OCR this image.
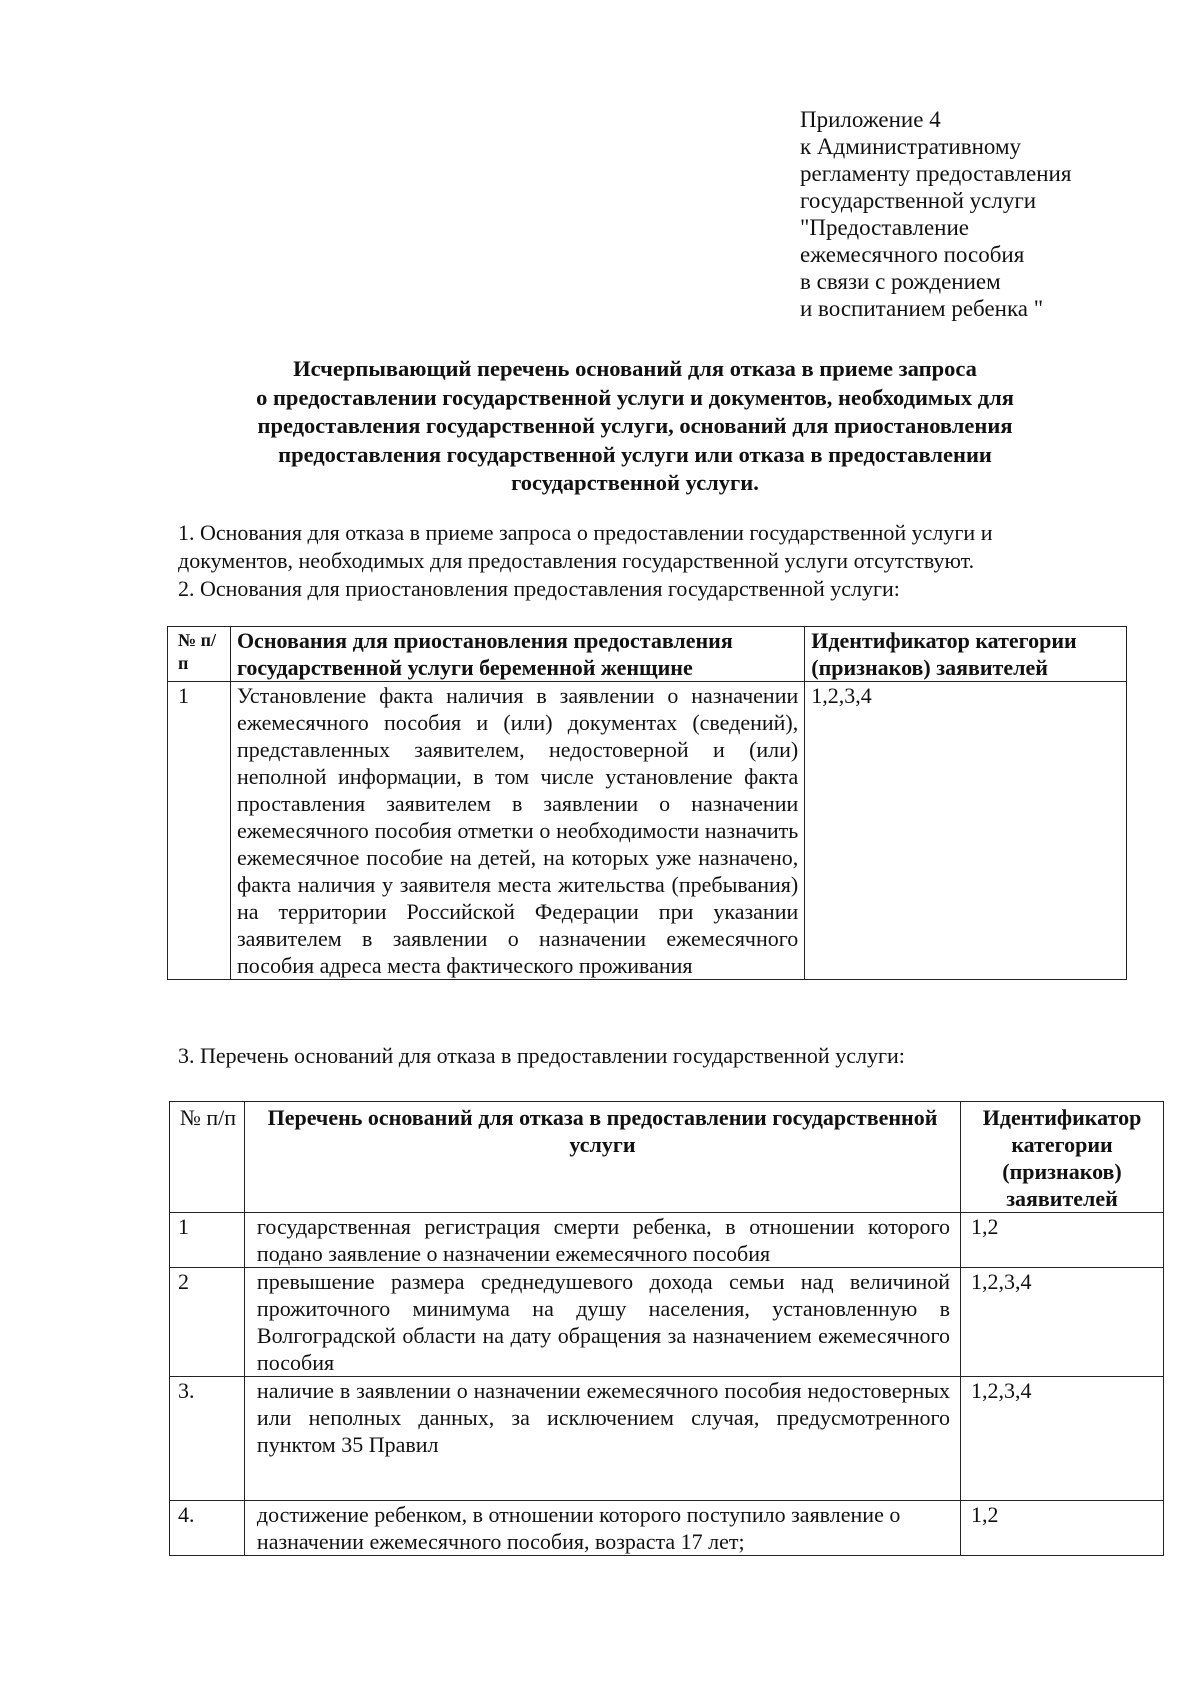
Приложение 4
к Административному
регламенту предоставления
государственной услуги
"Предоставление
ежемесячного пособия
в связи с рождением
и воспитанием ребенка "
Исчерпывающий перечень оснований для отказа в приеме запроса
о предоставлении государственной услуги и документов, необходимых для
предоставления государственной услуги, оснований для приостановления
предоставления государственной услуги или отказа в предоставлении
государственной услуги.
1. Основания для отказа в приеме запроса о предоставлении государственной услуги и
документов, необходимых для предоставления государственной услуги отсутствуют.
2. Основания для приостановления предоставления государственной услуги:
№ п/п	Основания для приостановления предоставления государственной услуги беременной женщине	Идентификатор категории (признаков) заявителей
1	Установление факта наличия в заявлении о назначении ежемесячного пособия и (или) документах (сведений), представленных заявителем, недостоверной и (или) неполной информации, в том числе установление факта проставления заявителем в заявлении о назначении ежемесячного пособия отметки о необходимости назначить ежемесячное пособие на детей, на которых уже назначено, факта наличия у заявителя места жительства (пребывания) на территории Российской Федерации при указании заявителем в заявлении о назначении ежемесячного пособия адреса места фактического проживания	1,2,3,4
3. Перечень оснований для отказа в предоставлении государственной услуги:
№ п/п	Перечень оснований для отказа в предоставлении государственной услуги	Идентификатор категории (признаков) заявителей
1	государственная регистрация смерти ребенка, в отношении которого подано заявление о назначении ежемесячного пособия	1,2
2	превышение размера среднедушевого дохода семьи над величиной прожиточного минимума на душу населения, установленную в Волгоградской области на дату обращения за назначением ежемесячного пособия	1,2,3,4
3.	наличие в заявлении о назначении ежемесячного пособия недостоверных или неполных данных, за исключением случая, предусмотренного пунктом 35 Правил	1,2,3,4
4.	достижение ребенком, в отношении которого поступило заявление о назначении ежемесячного пособия, возраста 17 лет;	1,2
